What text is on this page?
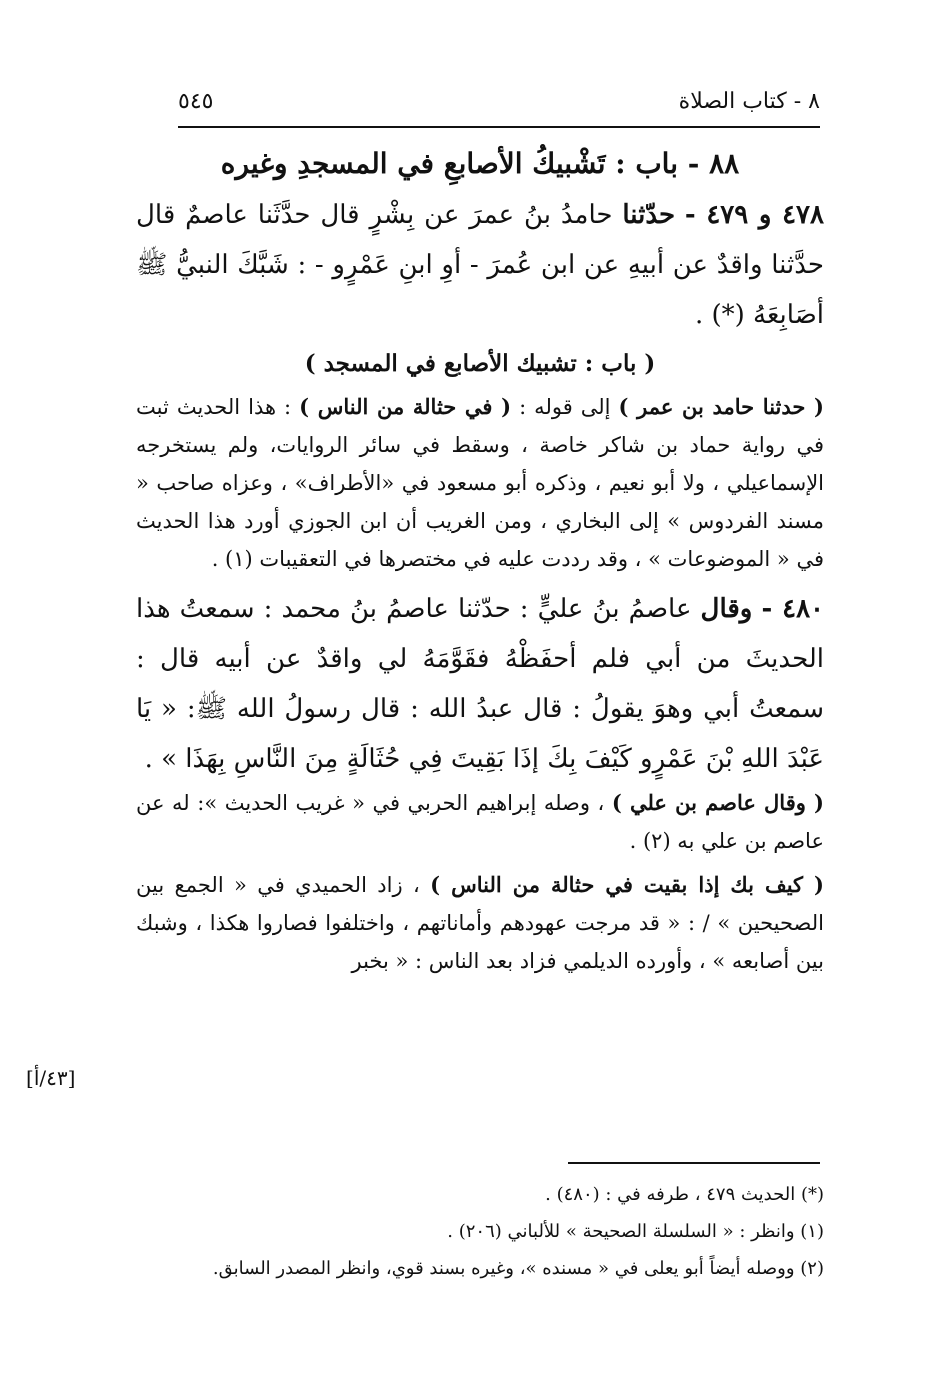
٨ - كتاب الصلاة
٥٤٥
٨٨ - باب : تَشْبيكُ الأصابعِ في المسجدِ وغيره

٤٧٨ و ٤٧٩ - حدّثنا حامدُ بنُ عمرَ عن بِشْرٍ قال حدَّثَنا عاصمٌ قال حدَّثنا واقدٌ عن أبيهِ عن ابن عُمرَ - أوِ ابنِ عَمْرٍو - : شَبَّكَ النبيُّ ﷺ أصَابِعَهُ (*) .

( باب : تشبيك الأصابع في المسجد )

( حدثنا حامد بن عمر ) إلى قوله : ( في حثالة من الناس ) : هذا الحديث ثبت في رواية حماد بن شاكر خاصة ، وسقط في سائر الروايات، ولم يستخرجه الإسماعيلي ، ولا أبو نعيم ، وذكره أبو مسعود في «الأطراف» ، وعزاه صاحب « مسند الفردوس » إلى البخاري ، ومن الغريب أن ابن الجوزي أورد هذا الحديث في « الموضوعات » ، وقد رددت عليه في مختصرها في التعقيبات (١) .

٤٨٠ - وقال عاصمُ بنُ عليٍّ : حدّثنا عاصمُ بنُ محمد : سمعتُ هذا الحديثَ من أبي فلم أحفَظْهُ فقَوَّمَهُ لي واقدٌ عن أبيه قال : سمعتُ أبي وهوَ يقولُ : قال عبدُ الله : قال رسولُ الله ﷺ: « يَا عَبْدَ اللهِ بْنَ عَمْرٍو كَيْفَ بِكَ إذَا بَقِيتَ فِي حُثَالَةٍ مِنَ النَّاسِ بِهَذَا » .

( وقال عاصم بن علي ) ، وصله إبراهيم الحربي في « غريب الحديث »: له عن عاصم بن علي به (٢) .

( كيف بك إذا بقيت في حثالة من الناس ) ، زاد الحميدي في « الجمع بين الصحيحين » / : « قد مرجت عهودهم وأماناتهم ، واختلفوا فصاروا هكذا ، وشبك بين أصابعه » ، وأورده الديلمي فزاد بعد الناس : « بخبر

[٤٣/أ]

(*) الحديث ٤٧٩ ، طرفه في : (٤٨٠) .

(١) وانظر : « السلسلة الصحيحة » للألباني (٢٠٦) .

(٢) ووصله أيضاً أبو يعلى في « مسنده »، وغيره بسند قوي، وانظر المصدر السابق.
